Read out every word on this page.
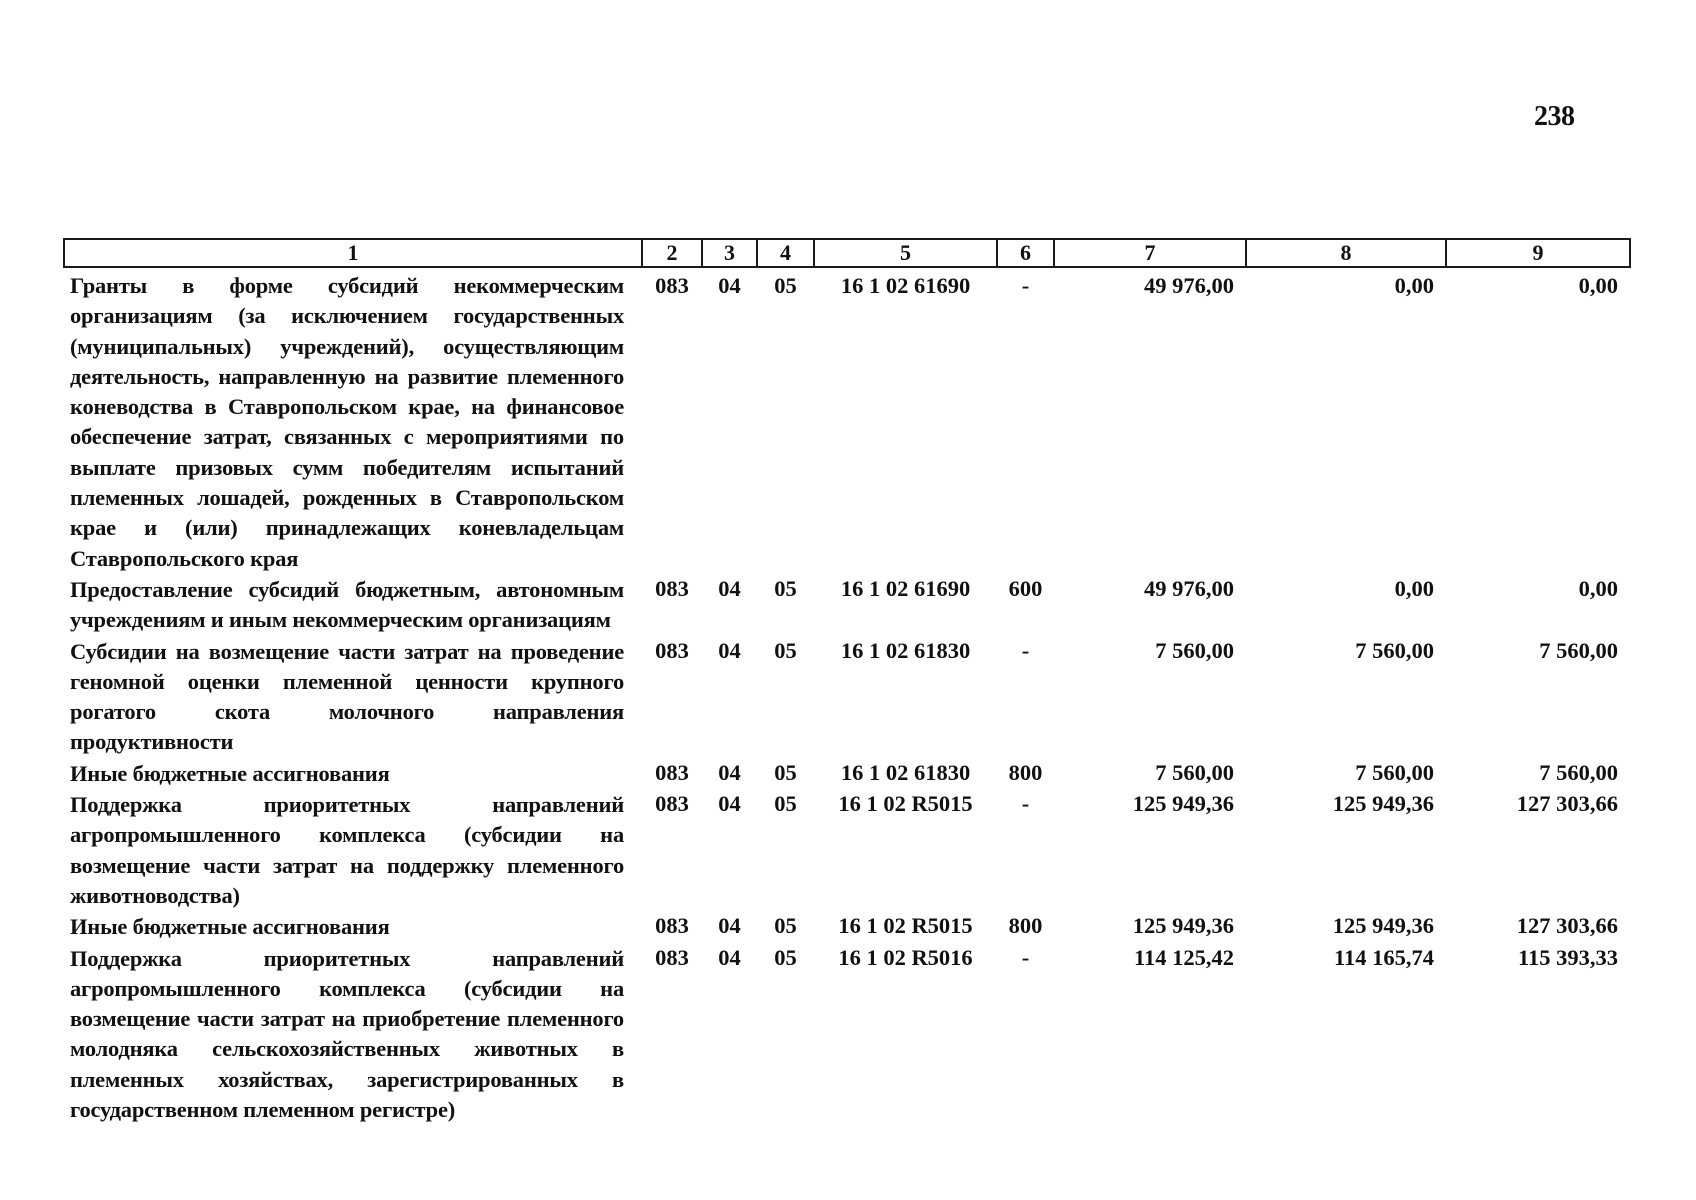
238
1	2	3	4	5	6	7	8	9
Гранты в форме субсидий некоммерческим организациям (за исключением государственных (муниципальных) учреждений), осуществляющим деятельность, направленную на развитие племенного коневодства в Ставропольском крае, на финансовое обеспечение затрат, связанных с мероприятиями по выплате призовых сумм победителям испытаний племенных лошадей, рожденных в Ставропольском крае и (или) принадлежащих коневладельцам Ставропольского края	083	04	05	16 1 02 61690	-	49 976,00	0,00	0,00
Предоставление субсидий бюджетным, автономным учреждениям и иным некоммерческим организациям	083	04	05	16 1 02 61690	600	49 976,00	0,00	0,00
Субсидии на возмещение части затрат на проведение геномной оценки племенной ценности крупного рогатого скота молочного направления продуктивности	083	04	05	16 1 02 61830	-	7 560,00	7 560,00	7 560,00
Иные бюджетные ассигнования	083	04	05	16 1 02 61830	800	7 560,00	7 560,00	7 560,00
Поддержка приоритетных направлений агропромышленного комплекса (субсидии на возмещение части затрат на поддержку племенного животноводства)	083	04	05	16 1 02 R5015	-	125 949,36	125 949,36	127 303,66
Иные бюджетные ассигнования	083	04	05	16 1 02 R5015	800	125 949,36	125 949,36	127 303,66
Поддержка приоритетных направлений агропромышленного комплекса (субсидии на возмещение части затрат на приобретение племенного молодняка сельскохозяйственных животных в племенных хозяйствах, зарегистрированных в государственном племенном регистре)	083	04	05	16 1 02 R5016	-	114 125,42	114 165,74	115 393,33
